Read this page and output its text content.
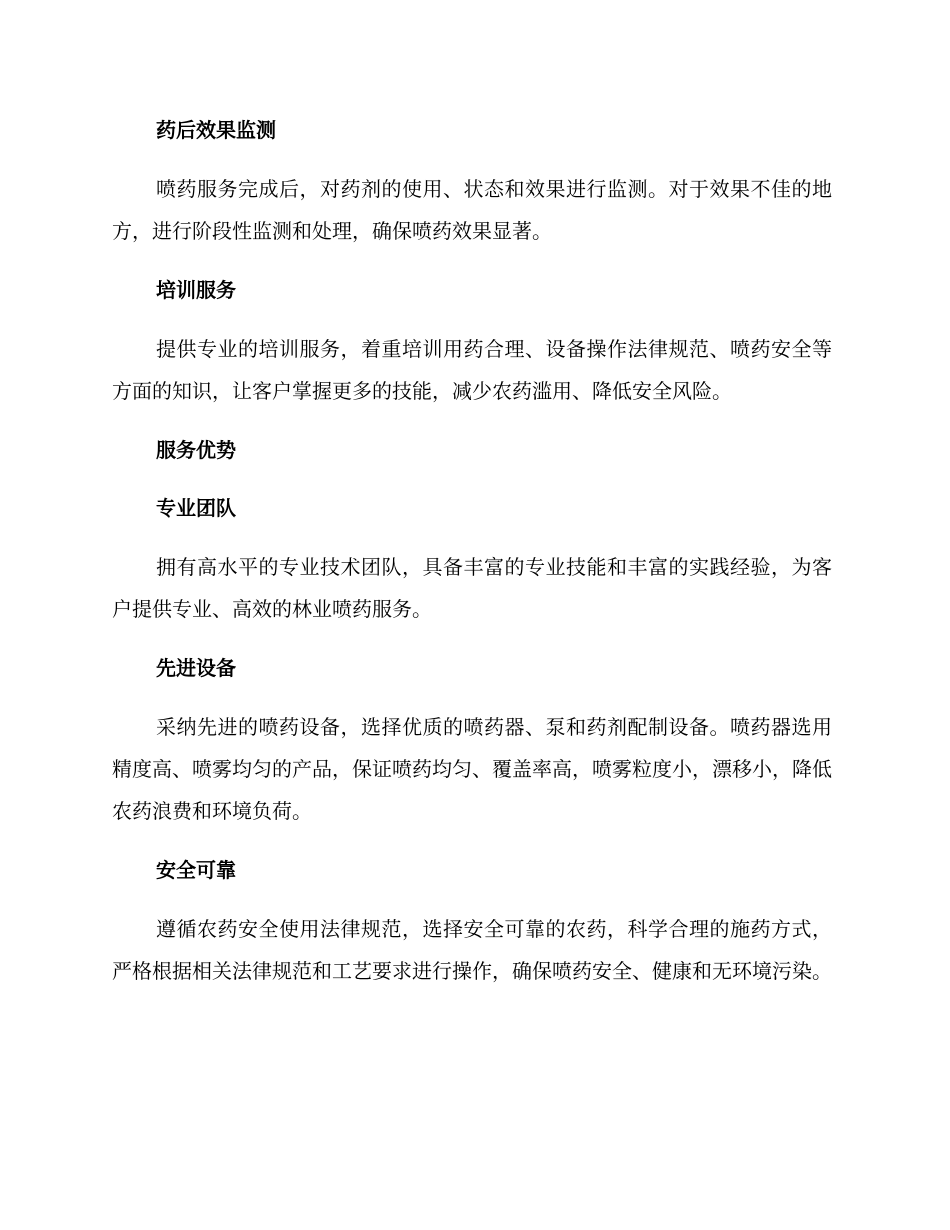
药后效果监测

喷药服务完成后，对药剂的使用、状态和效果进行监测。对于效果不佳的地方，进行阶段性监测和处理，确保喷药效果显著。

培训服务

提供专业的培训服务，着重培训用药合理、设备操作法律规范、喷药安全等方面的知识，让客户掌握更多的技能，减少农药滥用、降低安全风险。

服务优势
专业团队

拥有高水平的专业技术团队，具备丰富的专业技能和丰富的实践经验，为客户提供专业、高效的林业喷药服务。

先进设备

采纳先进的喷药设备，选择优质的喷药器、泵和药剂配制设备。喷药器选用精度高、喷雾均匀的产品，保证喷药均匀、覆盖率高，喷雾粒度小，漂移小，降低农药浪费和环境负荷。

安全可靠

遵循农药安全使用法律规范，选择安全可靠的农药，科学合理的施药方式，严格根据相关法律规范和工艺要求进行操作，确保喷药安全、健康和无环境污染。
